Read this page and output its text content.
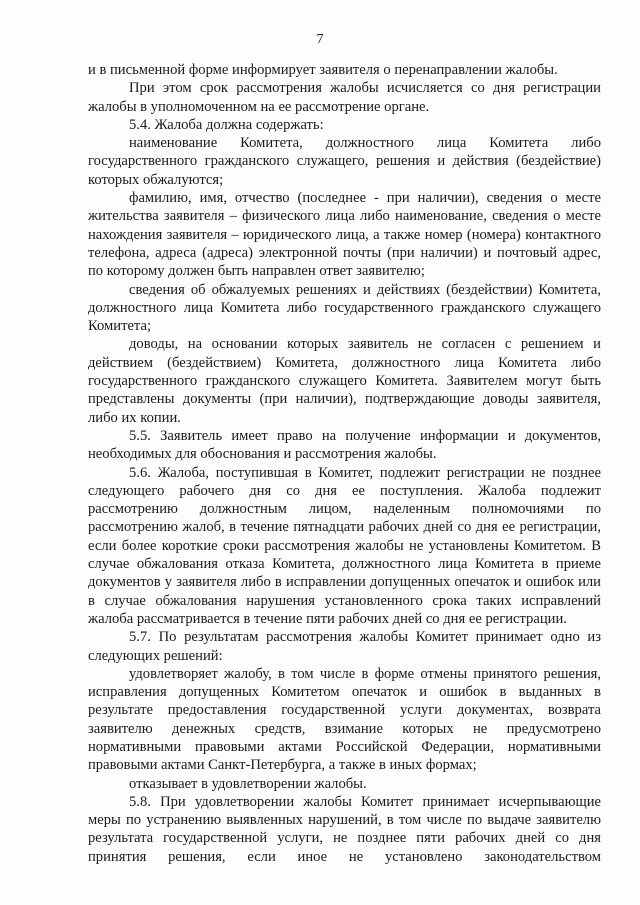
7

и в письменной форме информирует заявителя о перенаправлении жалобы.

При этом срок рассмотрения жалобы исчисляется со дня регистрации жалобы в уполномоченном на ее рассмотрение органе.

5.4. Жалоба должна содержать:

наименование Комитета, должностного лица Комитета либо государственного гражданского служащего, решения и действия (бездействие) которых обжалуются;

фамилию, имя, отчество (последнее - при наличии), сведения о месте жительства заявителя – физического лица либо наименование, сведения о месте нахождения заявителя – юридического лица, а также номер (номера) контактного телефона, адреса (адреса) электронной почты (при наличии) и почтовый адрес, по которому должен быть направлен ответ заявителю;

сведения об обжалуемых решениях и действиях (бездействии) Комитета, должностного лица Комитета либо государственного гражданского служащего Комитета;

доводы, на основании которых заявитель не согласен с решением и действием (бездействием) Комитета, должностного лица Комитета либо государственного гражданского служащего Комитета. Заявителем могут быть представлены документы (при наличии), подтверждающие доводы заявителя, либо их копии.

5.5. Заявитель имеет право на получение информации и документов, необходимых для обоснования и рассмотрения жалобы.

5.6. Жалоба, поступившая в Комитет, подлежит регистрации не позднее следующего рабочего дня со дня ее поступления. Жалоба подлежит рассмотрению должностным лицом, наделенным полномочиями по рассмотрению жалоб, в течение пятнадцати рабочих дней со дня ее регистрации, если более короткие сроки рассмотрения жалобы не установлены Комитетом. В случае обжалования отказа Комитета, должностного лица Комитета в приеме документов у заявителя либо в исправлении допущенных опечаток и ошибок или в случае обжалования нарушения установленного срока таких исправлений жалоба рассматривается в течение пяти рабочих дней со дня ее регистрации.

5.7. По результатам рассмотрения жалобы Комитет принимает одно из следующих решений:

удовлетворяет жалобу, в том числе в форме отмены принятого решения, исправления допущенных Комитетом опечаток и ошибок в выданных в результате предоставления государственной услуги документах, возврата заявителю денежных средств, взимание которых не предусмотрено нормативными правовыми актами Российской Федерации, нормативными правовыми актами Санкт-Петербурга, а также в иных формах;

отказывает в удовлетворении жалобы.

5.8. При удовлетворении жалобы Комитет принимает исчерпывающие меры по устранению выявленных нарушений, в том числе по выдаче заявителю результата государственной услуги, не позднее пяти рабочих дней со дня принятия решения, если иное не установлено законодательством
